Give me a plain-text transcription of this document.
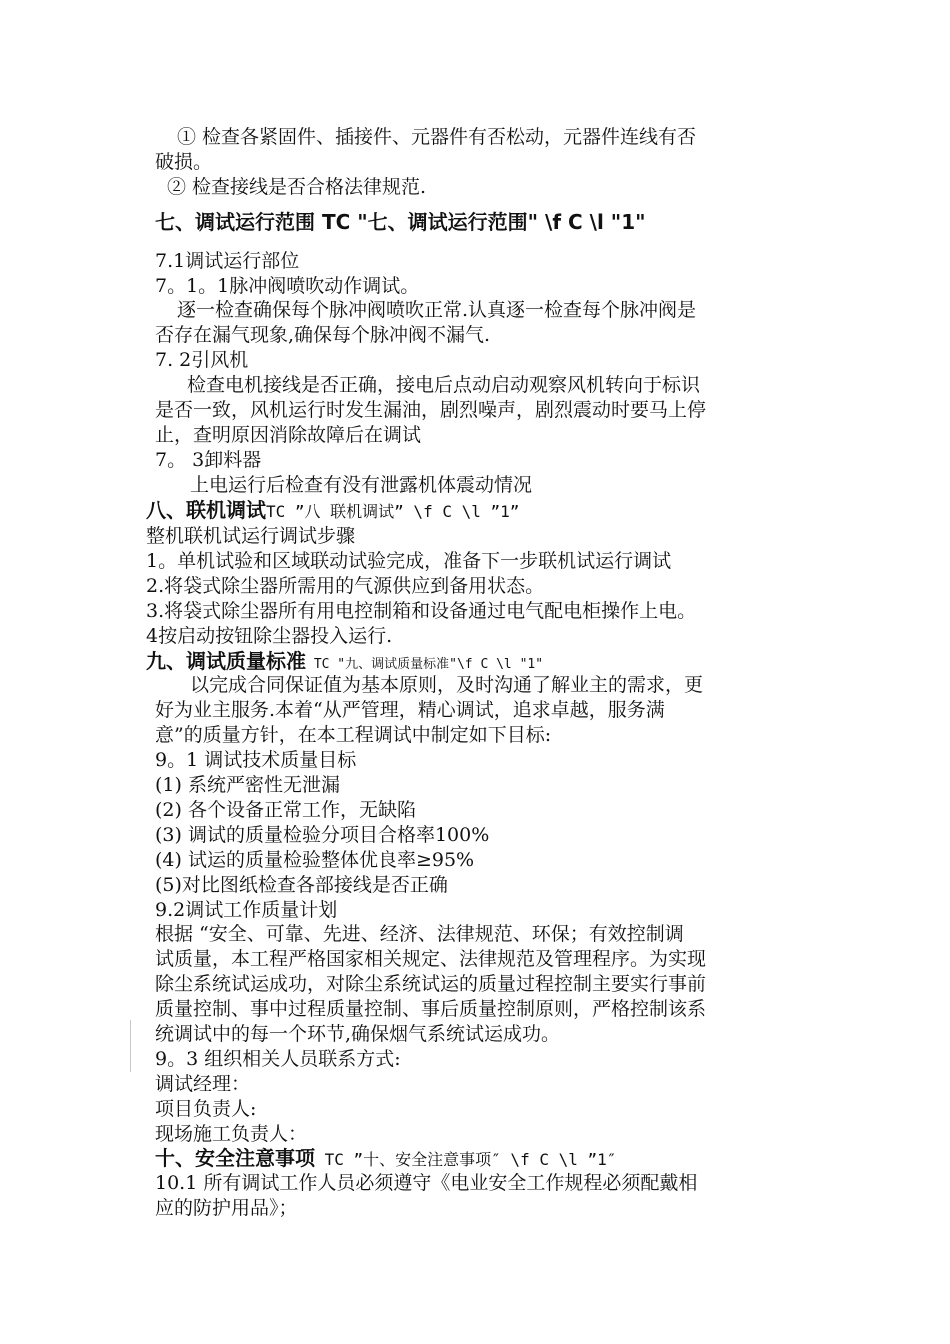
① 检查各紧固件、插接件、元器件有否松动，元器件连线有否
破损。
② 检查接线是否合格法律规范.
七、调试运行范围 TC "七、调试运行范围" \f C \l "1"
7.1调试运行部位
7。1。1脉冲阀喷吹动作调试。
逐一检查确保每个脉冲阀喷吹正常.认真逐一检查每个脉冲阀是
否存在漏气现象,确保每个脉冲阀不漏气.
7. 2引风机
检查电机接线是否正确，接电后点动启动观察风机转向于标识
是否一致，风机运行时发生漏油，剧烈噪声，剧烈震动时要马上停
止，查明原因消除故障后在调试
7。 3卸料器
上电运行后检查有没有泄露机体震动情况
八、联机调试TC ”八 联机调试” \f C \l ”1”
整机联机试运行调试步骤
1。单机试验和区域联动试验完成，准备下一步联机试运行调试
2.将袋式除尘器所需用的气源供应到备用状态。
3.将袋式除尘器所有用电控制箱和设备通过电气配电柜操作上电。
4按启动按钮除尘器投入运行.
九、调试质量标准 TC "九、调试质量标准"\f C \l "1"
以完成合同保证值为基本原则，及时沟通了解业主的需求，更
好为业主服务.本着“从严管理，精心调试，追求卓越，服务满
意”的质量方针，在本工程调试中制定如下目标:
9。1 调试技术质量目标
(1) 系统严密性无泄漏
(2) 各个设备正常工作，无缺陷
(3) 调试的质量检验分项目合格率100%
(4) 试运的质量检验整体优良率≥95%
(5)对比图纸检查各部接线是否正确
9.2调试工作质量计划
根据 “安全、可靠、先进、经济、法律规范、环保；有效控制调
试质量，本工程严格国家相关规定、法律规范及管理程序。为实现
除尘系统试运成功，对除尘系统试运的质量过程控制主要实行事前
质量控制、事中过程质量控制、事后质量控制原则，严格控制该系
统调试中的每一个环节,确保烟气系统试运成功。
9。3 组织相关人员联系方式:
调试经理：
项目负责人:
现场施工负责人：
十、安全注意事项 TC ”十、安全注意事项″ \f C \l ”1″
10.1 所有调试工作人员必须遵守《电业安全工作规程必须配戴相
应的防护用品》；
